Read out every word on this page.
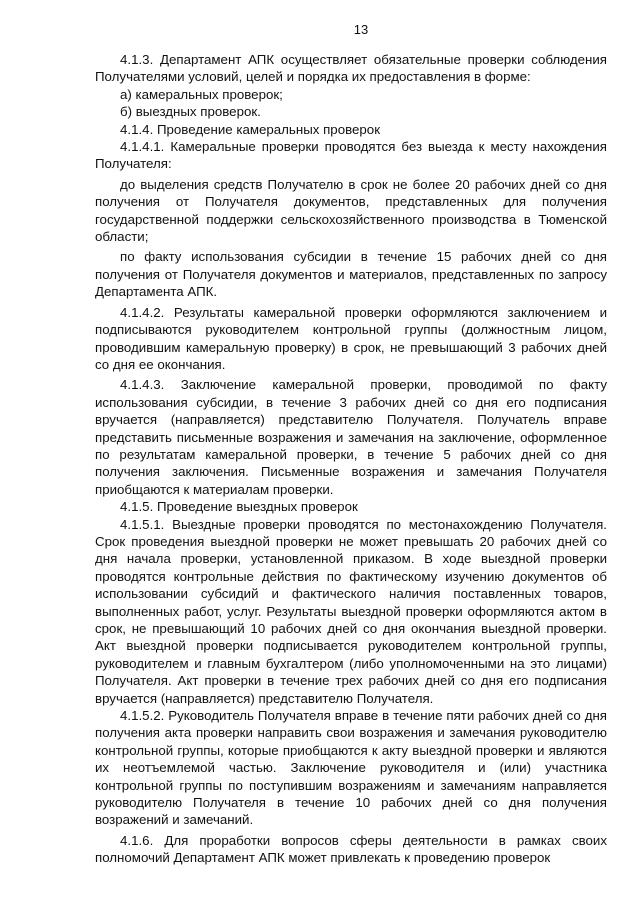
13

4.1.3. Департамент АПК осуществляет обязательные проверки соблюдения Получателями условий, целей и порядка их предоставления в форме:

а) камеральных проверок;

б) выездных проверок.

4.1.4. Проведение камеральных проверок

4.1.4.1. Камеральные проверки проводятся без выезда к месту нахождения Получателя:

до выделения средств Получателю в срок не более 20 рабочих дней со дня получения от Получателя документов, представленных для получения государственной поддержки сельскохозяйственного производства в Тюменской области;

по факту использования субсидии в течение 15 рабочих дней со дня получения от Получателя документов и материалов, представленных по запросу Департамента АПК.

4.1.4.2. Результаты камеральной проверки оформляются заключением и подписываются руководителем контрольной группы (должностным лицом, проводившим камеральную проверку) в срок, не превышающий 3 рабочих дней со дня ее окончания.

4.1.4.3. Заключение камеральной проверки, проводимой по факту использования субсидии, в течение 3 рабочих дней со дня его подписания вручается (направляется) представителю Получателя. Получатель вправе представить письменные возражения и замечания на заключение, оформленное по результатам камеральной проверки, в течение 5 рабочих дней со дня получения заключения. Письменные возражения и замечания Получателя приобщаются к материалам проверки.

4.1.5. Проведение выездных проверок

4.1.5.1. Выездные проверки проводятся по местонахождению Получателя. Срок проведения выездной проверки не может превышать 20 рабочих дней со дня начала проверки, установленной приказом. В ходе выездной проверки проводятся контрольные действия по фактическому изучению документов об использовании субсидий и фактического наличия поставленных товаров, выполненных работ, услуг. Результаты выездной проверки оформляются актом в срок, не превышающий 10 рабочих дней со дня окончания выездной проверки. Акт выездной проверки подписывается руководителем контрольной группы, руководителем и главным бухгалтером (либо уполномоченными на это лицами) Получателя. Акт проверки в течение трех рабочих дней со дня его подписания вручается (направляется) представителю Получателя.

4.1.5.2. Руководитель Получателя вправе в течение пяти рабочих дней со дня получения акта проверки направить свои возражения и замечания руководителю контрольной группы, которые приобщаются к акту выездной проверки и являются их неотъемлемой частью. Заключение руководителя и (или) участника контрольной группы по поступившим возражениям и замечаниям направляется руководителю Получателя в течение 10 рабочих дней со дня получения возражений и замечаний.

4.1.6. Для проработки вопросов сферы деятельности в рамках своих полномочий Департамент АПК может привлекать к проведению проверок
